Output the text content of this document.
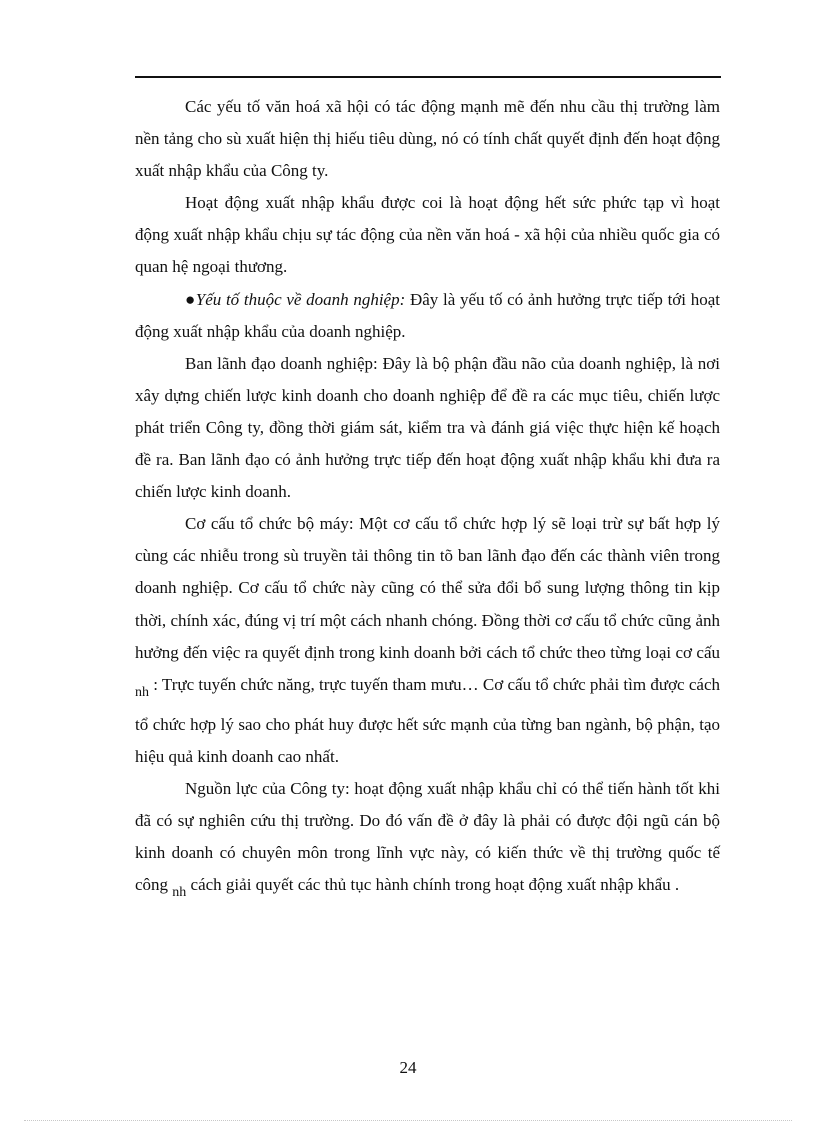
Các yếu tố văn hoá xã hội có tác động mạnh mẽ đến nhu cầu thị trường làm nền tảng cho sù xuất hiện thị hiếu tiêu dùng, nó có tính chất quyết định đến hoạt động xuất nhập khẩu của Công ty.

Hoạt động xuất nhập khẩu được coi là hoạt động hết sức phức tạp vì hoạt động xuất nhập khẩu chịu sự tác động của nền văn hoá - xã hội của nhiều quốc gia có quan hệ ngoại thương.

●Yếu tố thuộc về doanh nghiệp: Đây là yếu tố có ảnh hưởng trực tiếp tới hoạt động xuất nhập khẩu của doanh nghiệp.

Ban lãnh đạo doanh nghiệp: Đây là bộ phận đầu não của doanh nghiệp, là nơi xây dựng chiến lược kinh doanh cho doanh nghiệp để đề ra các mục tiêu, chiến lược phát triển Công ty, đồng thời giám sát, kiểm tra và đánh giá việc thực hiện kế hoạch đề ra. Ban lãnh đạo có ảnh hưởng trực tiếp đến hoạt động xuất nhập khẩu khi đưa ra chiến lược kinh doanh.

Cơ cấu tổ chức bộ máy: Một cơ cấu tổ chức hợp lý sẽ loại trừ sự bất hợp lý cùng các nhiễu trong sù truyền tải thông tin tõ ban lãnh đạo đến các thành viên trong doanh nghiệp. Cơ cấu tổ chức này cũng có thể sửa đổi bổ sung lượng thông tin kịp thời, chính xác, đúng vị trí một cách nhanh chóng. Đồng thời cơ cấu tổ chức cũng ảnh hưởng đến việc ra quyết định trong kinh doanh bởi cách tổ chức theo từng loại cơ cấu $_{nh}$ : Trực tuyến chức năng, trực tuyến tham mưu… Cơ cấu tổ chức phải tìm được cách tổ chức hợp lý sao cho phát huy được hết sức mạnh của từng ban ngành, bộ phận, tạo hiệu quả kinh doanh cao nhất.

Nguồn lực của Công ty: hoạt động xuất nhập khẩu chỉ có thể tiến hành tốt khi đã có sự nghiên cứu thị trường. Do đó vấn đề ở đây là phải có được đội ngũ cán bộ kinh doanh có chuyên môn trong lĩnh vực này, có kiến thức về thị trường quốc tế công $_{nh}$ cách giải quyết các thủ tục hành chính trong hoạt động xuất nhập khẩu .

24
